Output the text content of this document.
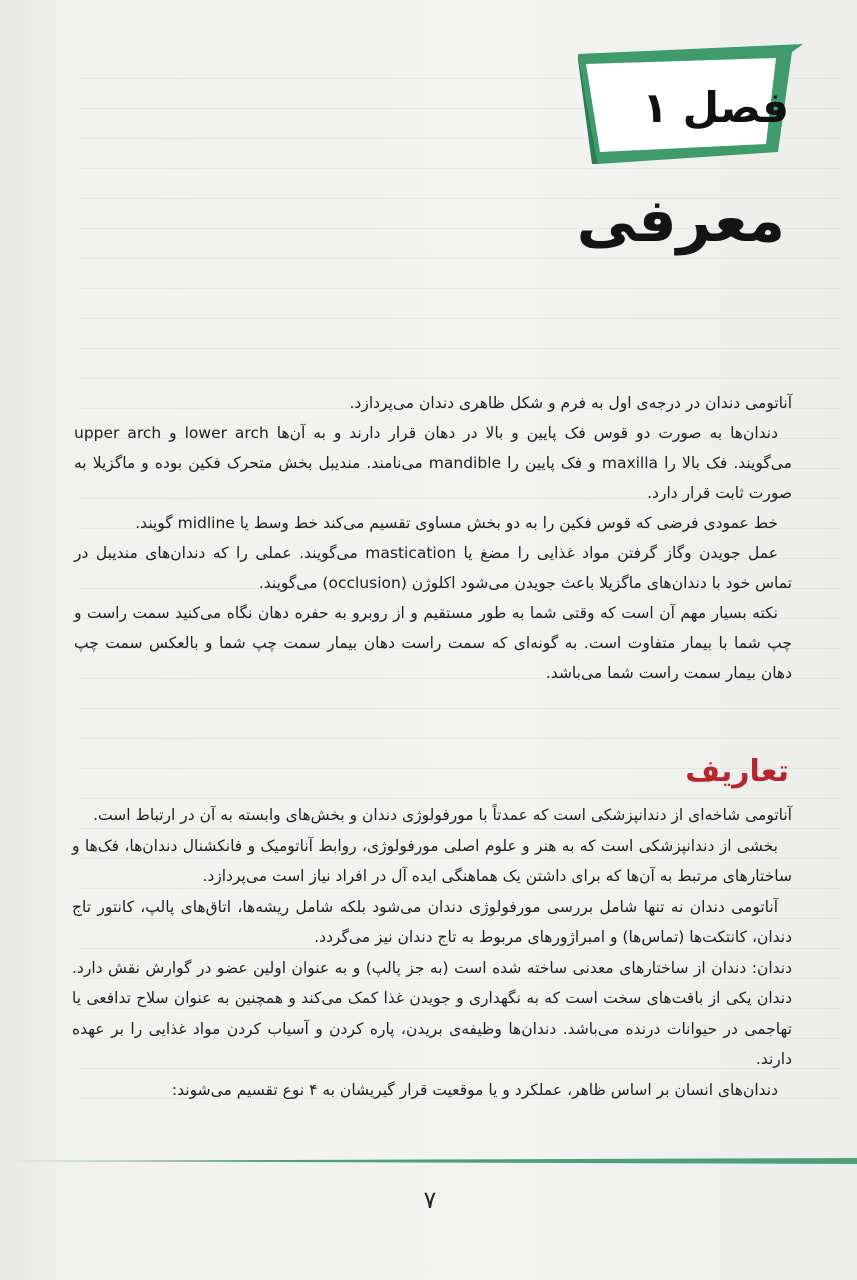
فصل ۱
معرفی

آناتومی دندان در درجه‌ی اول به فرم و شکل ظاهری دندان می‌پردازد.

دندان‌ها به صورت دو قوس فک پایین و بالا در دهان قرار دارند و به آن‌ها lower arch و upper arch می‌گویند. فک بالا را maxilla و فک پایین را mandible می‌نامند. مندیبل بخش متحرک فکین بوده و ماگزیلا به صورت ثابت قرار دارد.

خط عمودی فرضی که قوس فکین را به دو بخش مساوی تقسیم می‌کند خط وسط یا midline گویند.

عمل جویدن وگاز گرفتن مواد غذایی را مضغ یا mastication می‌گویند. عملی را که دندان‌های مندیبل در تماس خود با دندان‌های ماگزیلا باعث جویدن می‌شود اکلوژن (occlusion) می‌گویند.

نکته بسیار مهم آن است که وقتی شما به طور مستقیم و از روبرو به حفره دهان نگاه می‌کنید سمت راست و چپ شما با بیمار متفاوت است. به گونه‌ای که سمت راست دهان بیمار سمت چپ شما و بالعکس سمت چپ دهان بیمار سمت راست شما می‌باشد.

تعاریف

آناتومی شاخه‌ای از دندانپزشکی است که عمدتاً با مورفولوژی دندان و بخش‌های وابسته به آن در ارتباط است.

بخشی از دندانپزشکی است که به هنر و علوم اصلی مورفولوژی، روابط آناتومیک و فانکشنال دندان‌ها، فک‌ها و ساختارهای مرتبط به آن‌ها که برای داشتن یک هماهنگی ایده آل در افراد نیاز است می‌پردازد.

آناتومی دندان نه تنها شامل بررسی مورفولوژی دندان می‌شود بلکه شامل ریشه‌ها، اتاق‌های پالپ، کانتور تاج دندان، کانتکت‌ها (تماس‌ها) و امبراژورهای مربوط به تاج دندان نیز می‌گردد.

دندان: دندان از ساختارهای معدنی ساخته شده است (به جز پالپ) و به عنوان اولین عضو در گوارش نقش دارد. دندان یکی از بافت‌های سخت است که به نگهداری و جویدن غذا کمک می‌کند و همچنین به عنوان سلاح تدافعی یا تهاجمی در حیوانات درنده می‌باشد. دندان‌ها وظیفه‌ی بریدن، پاره کردن و آسیاب کردن مواد غذایی را بر عهده دارند.

دندان‌های انسان بر اساس ظاهر، عملکرد و یا موقعیت قرار گیریشان به ۴ نوع تقسیم می‌شوند:

۷
